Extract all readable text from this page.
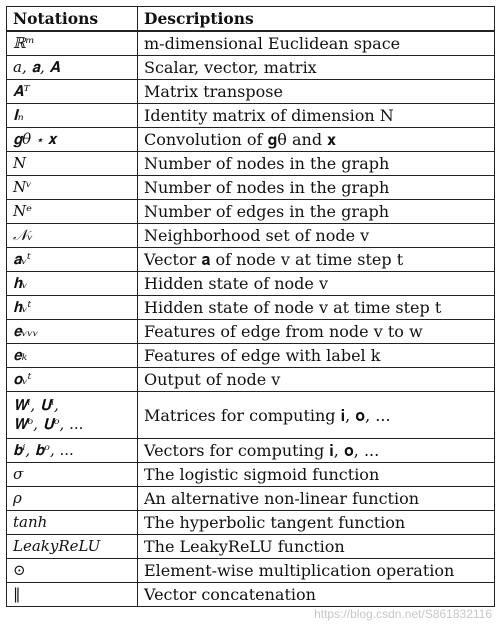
Notations	Descriptions
ℝᵐ	m-dimensional Euclidean space
a, 𝐚, 𝐀	Scalar, vector, matrix
𝐀ᵀ	Matrix transpose
𝐈ₙ	Identity matrix of dimension N
𝐠θ ⋆ 𝐱	Convolution of 𝐠θ and 𝐱
N	Number of nodes in the graph
Nᵛ	Number of nodes in the graph
Nᵉ	Number of edges in the graph
𝒩ᵥ	Neighborhood set of node v
𝐚ᵥᵗ	Vector 𝐚 of node v at time step t
𝐡ᵥ	Hidden state of node v
𝐡ᵥᵗ	Hidden state of node v at time step t
𝐞ᵥᵥᵥ	Features of edge from node v to w
𝐞ₖ	Features of edge with label k
𝐨ᵥᵗ	Output of node v
𝐖ⁱ, 𝐔ⁱ,
𝐖ᵒ, 𝐔ᵒ, ...	Matrices for computing 𝐢, 𝐨, ...
𝐛ⁱ, 𝐛ᵒ, ...	Vectors for computing 𝐢, 𝐨, ...
σ	The logistic sigmoid function
ρ	An alternative non-linear function
tanh	The hyperbolic tangent function
LeakyReLU	The LeakyReLU function
⊙	Element-wise multiplication operation
‖	Vector concatenation
https://blog.csdn.net/S861832116
